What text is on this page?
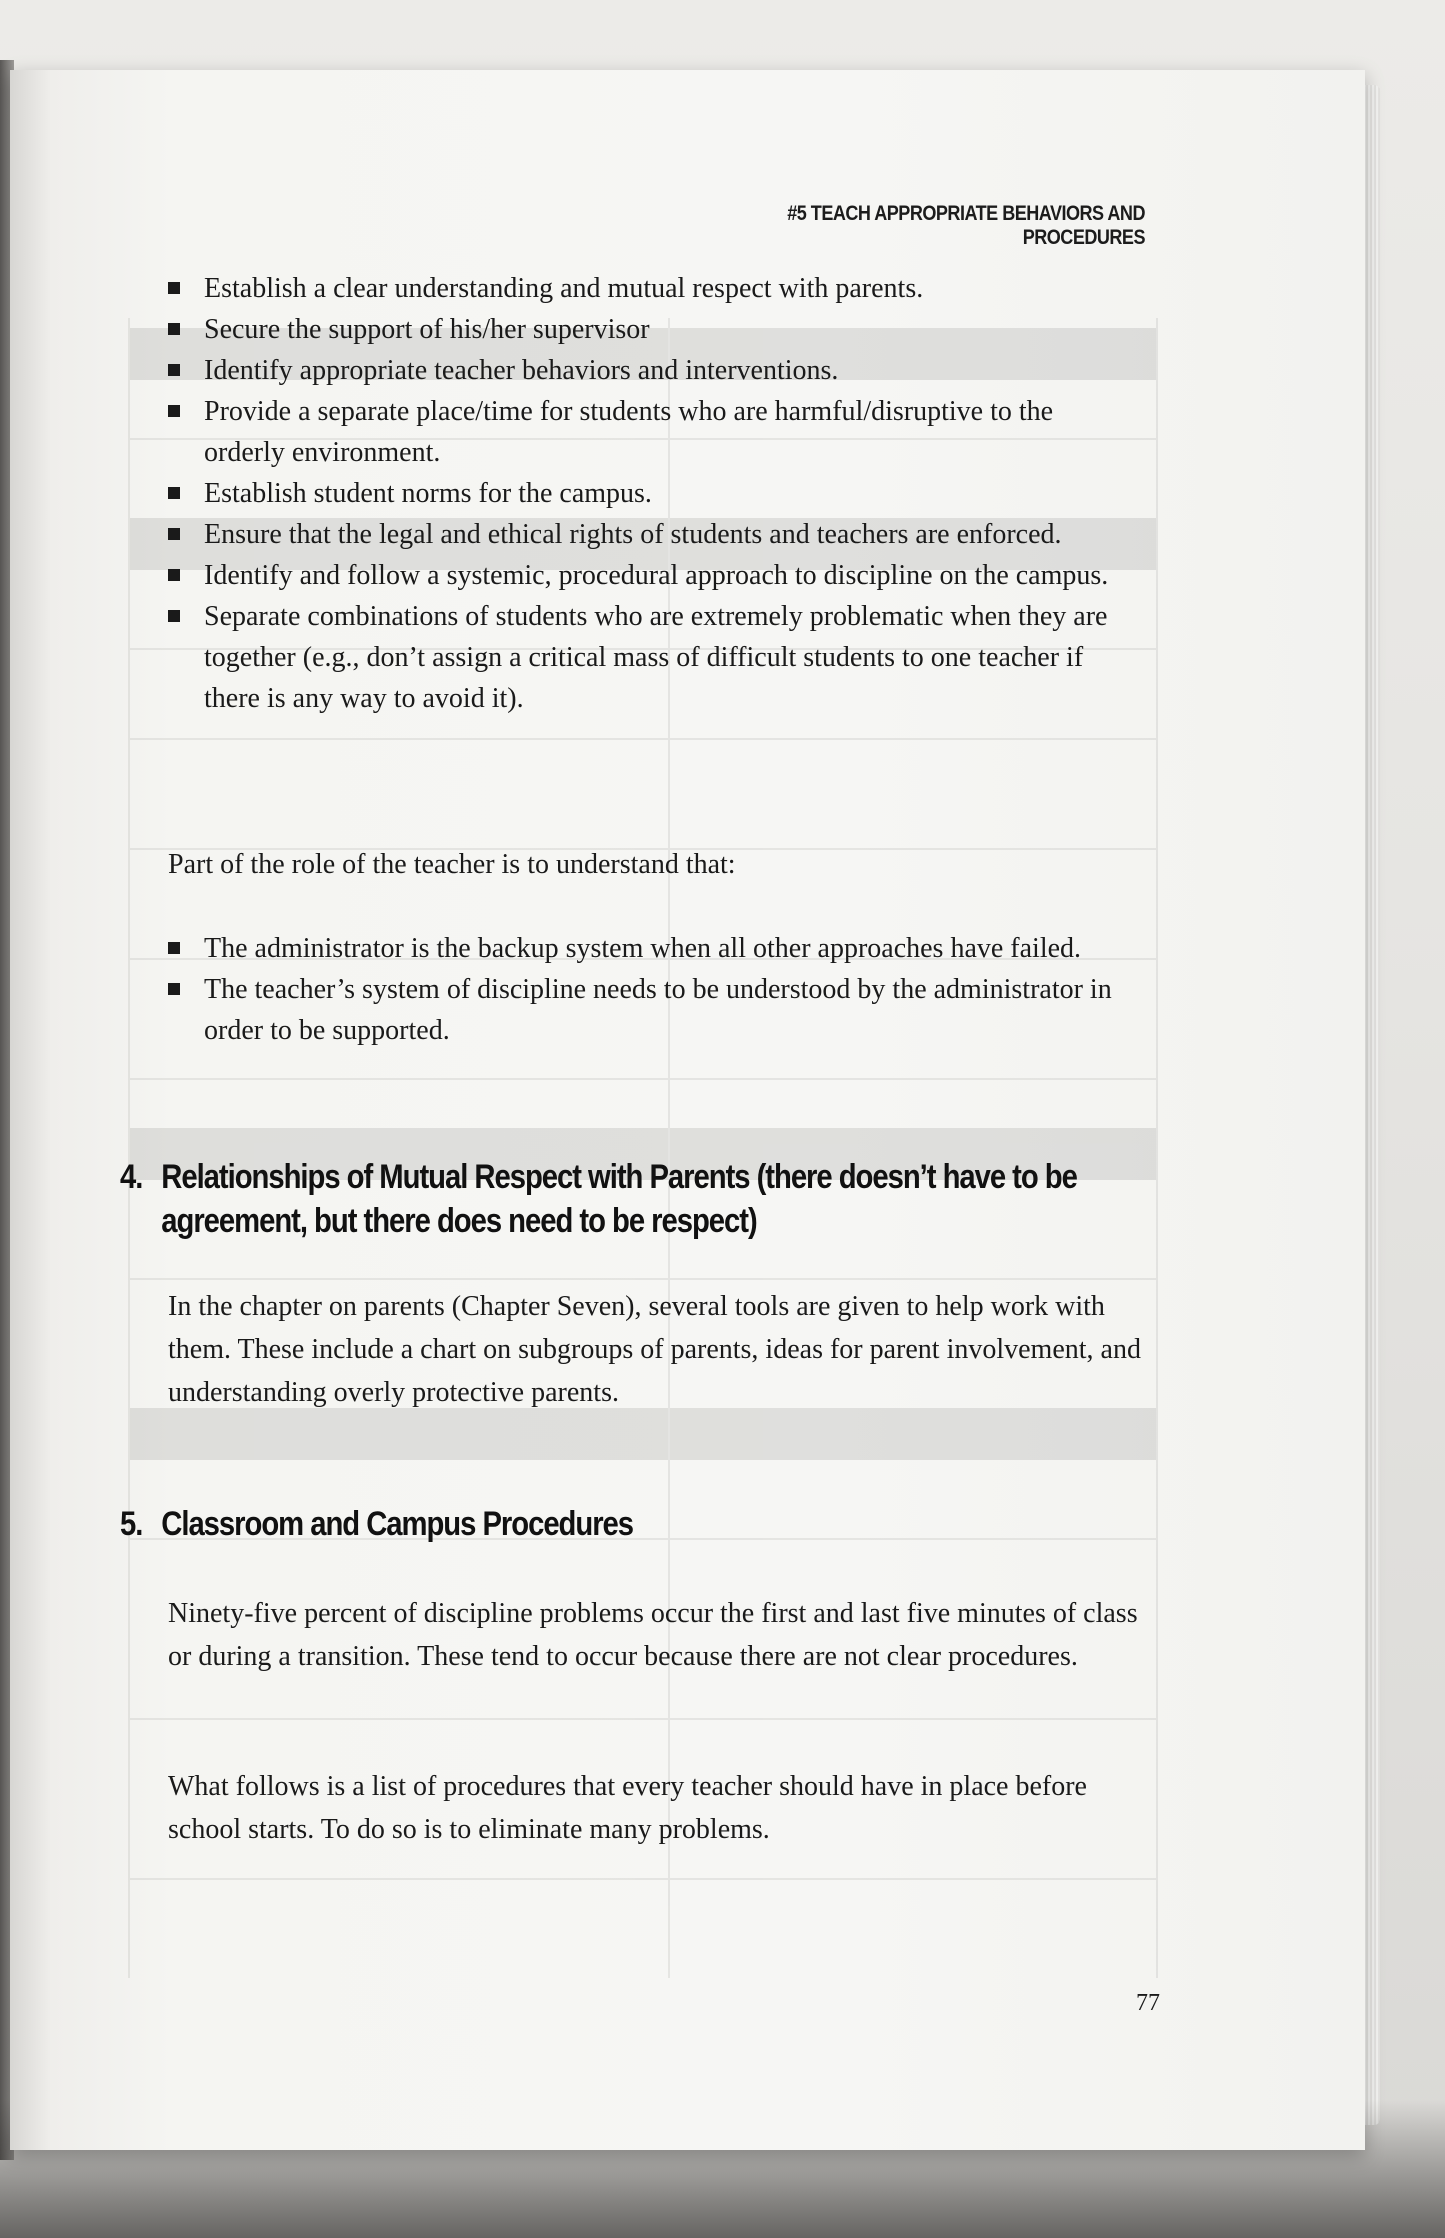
#5 TEACH APPROPRIATE BEHAVIORS AND PROCEDURES
Establish a clear understanding and mutual respect with parents.
Secure the support of his/her supervisor
Identify appropriate teacher behaviors and interventions.
Provide a separate place/time for students who are harmful/disruptive to the orderly environment.
Establish student norms for the campus.
Ensure that the legal and ethical rights of students and teachers are enforced.
Identify and follow a systemic, procedural approach to discipline on the campus.
Separate combinations of students who are extremely problematic when they are together (e.g., don’t assign a critical mass of difficult students to one teacher if there is any way to avoid it).

Part of the role of the teacher is to understand that:

The administrator is the backup system when all other approaches have failed.
The teacher’s system of discipline needs to be understood by the administrator in order to be supported.
4. Relationships of Mutual Respect with Parents (there doesn’t have to be
agreement, but there does need to be respect)

In the chapter on parents (Chapter Seven), several tools are given to help work with them. These include a chart on subgroups of parents, ideas for parent involvement, and understanding overly protective parents.

5. Classroom and Campus Procedures

Ninety-five percent of discipline problems occur the first and last five minutes of class or during a transition. These tend to occur because there are not clear procedures.

What follows is a list of procedures that every teacher should have in place before school starts. To do so is to eliminate many problems.

77
